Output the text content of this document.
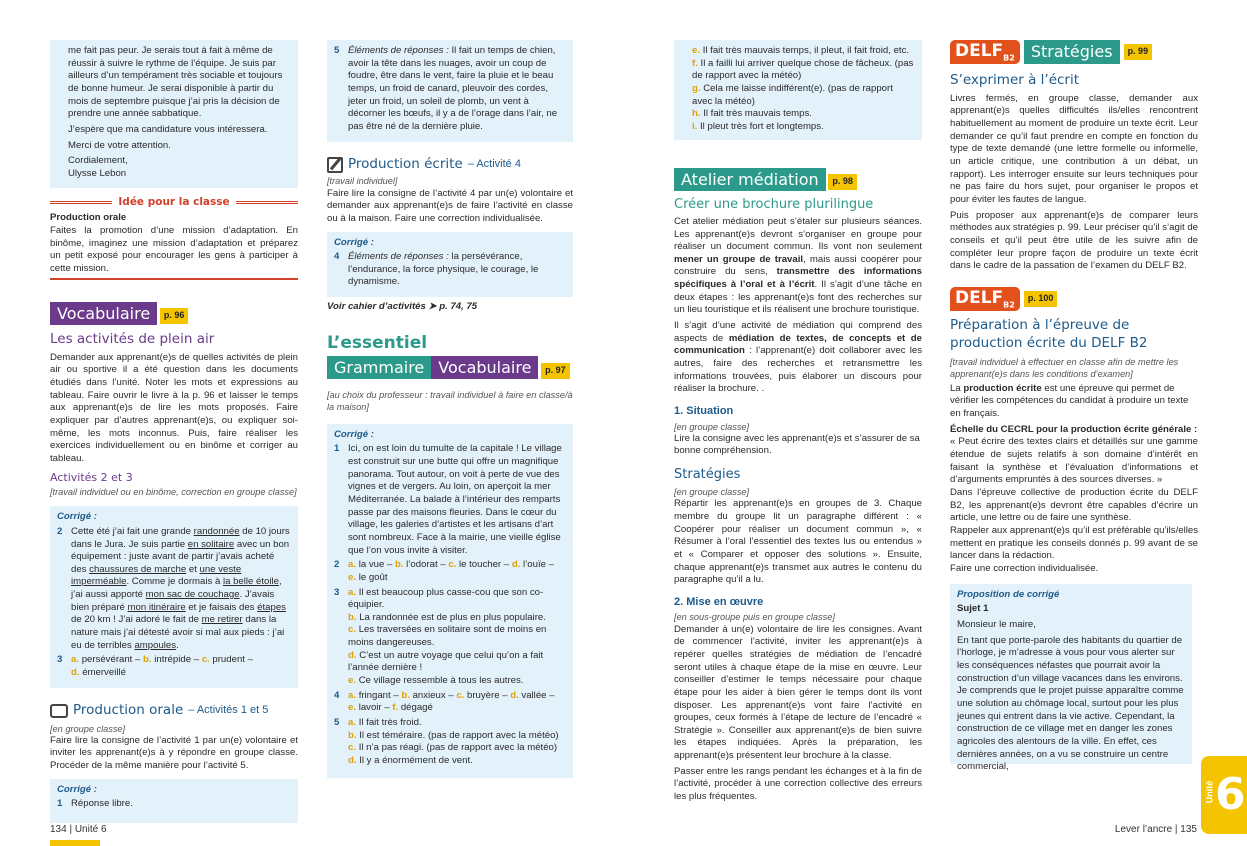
me fait pas peur. Je serais tout à fait à même de réussir à suivre le rythme de l’équipe. Je suis par ailleurs d’un tempérament très sociable et toujours de bonne humeur. Je serai disponible à partir du mois de septembre puisque j’ai pris la décision de prendre une année sabbatique.
J’espère que ma candidature vous intéressera.
Merci de votre attention.
Cordialement,
Ulysse Lebon
Idée pour la classe
Production orale
Faites la promotion d’une mission d’adaptation. En binôme, imaginez une mission d’adaptation et préparez un petit exposé pour encourager les gens à participer à cette mission.
Vocabulaire p. 96
Les activités de plein air
Demander aux apprenant(e)s de quelles activités de plein air ou sportive il a été question dans les documents étudiés dans l’unité. Noter les mots et expressions au tableau. Faire ouvrir le livre à la p. 96 et laisser le temps aux apprenant(e)s de lire les mots proposés. Faire expliquer par d’autres apprenant(e)s, ou expliquer soi-même, les mots inconnus. Puis, faire réaliser les exercices individuellement ou en binôme et corriger au tableau.
Activités 2 et 3
[travail individuel ou en binôme, correction en groupe classe]
Corrigé :
2 Cette été j’ai fait une grande randonnée de 10 jours dans le Jura. Je suis partie en solitaire avec un bon équipement : juste avant de partir j’avais acheté des chaussures de marche et une veste imperméable. Comme je dormais à la belle étoile, j’ai aussi apporté mon sac de couchage. J’avais bien préparé mon itinéraire et je faisais des étapes de 20 km ! J’ai adoré le fait de me retirer dans la nature mais j’ai détesté avoir si mal aux pieds : j’ai eu de terribles ampoules.
3 a. persévérant – b. intrépide – c. prudent –
d. émerveillé
Production orale – Activités 1 et 5
[en groupe classe]
Faire lire la consigne de l’activité 1 par un(e) volontaire et inviter les apprenant(e)s à y répondre en groupe classe. Procéder de la même manière pour l’activité 5.
Corrigé :
1 Réponse libre.
5 Éléments de réponses : Il fait un temps de chien, avoir la tête dans les nuages, avoir un coup de foudre, être dans le vent, faire la pluie et le beau temps, un froid de canard, pleuvoir des cordes, jeter un froid, un soleil de plomb, un vent à décorner les bœufs, il y a de l’orage dans l’air, ne pas être né de la dernière pluie.
Production écrite – Activité 4
[travail individuel]
Faire lire la consigne de l’activité 4 par un(e) volontaire et demander aux apprenant(e)s de faire l’activité en classe ou à la maison. Faire une correction individualisée.
Corrigé :
4 Éléments de réponses : la persévérance, l’endurance, la force physique, le courage, le dynamisme.
Voir cahier d’activités ➤ p. 74, 75
L’essentiel
Grammaire Vocabulaire p. 97
[au choix du professeur : travail individuel à faire en classe/à la maison]
Corrigé :
1 Ici, on est loin du tumulte de la capitale ! Le village est construit sur une butte qui offre un magnifique panorama. Tout autour, on voit à perte de vue des vignes et de vergers. Au loin, on aperçoit la mer Méditerranée. La balade à l’intérieur des remparts passe par des maisons fleuries. Dans le cœur du village, les galeries d’artistes et les artisans d’art sont nombreux. Face à la mairie, une vieille église que l’on vous invite à visiter.
2 a. la vue – b. l’odorat – c. le toucher – d. l’ouïe –
e. le goût
3 a. Il est beaucoup plus casse-cou que son co-équipier.
b. La randonnée est de plus en plus populaire.
c. Les traversées en solitaire sont de moins en moins dangereuses.
d. C’est un autre voyage que celui qu’on a fait l’année dernière !
e. Ce village ressemble à tous les autres.
4 a. fringant – b. anxieux – c. bruyère – d. vallée –
e. lavoir – f. dégagé
5 a. Il fait très froid.
b. Il est téméraire. (pas de rapport avec la météo)
c. Il n’a pas réagi. (pas de rapport avec la météo)
d. Il y a énormément de vent.
e. Il fait très mauvais temps, il pleut, il fait froid, etc.
f. Il a failli lui arriver quelque chose de fâcheux. (pas de rapport avec la météo)
g. Cela me laisse indifférent(e). (pas de rapport avec la météo)
h. Il fait très mauvais temps.
i. Il pleut très fort et longtemps.
Atelier médiation p. 98
Créer une brochure plurilingue
Cet atelier médiation peut s’étaler sur plusieurs séances. Les apprenant(e)s devront s’organiser en groupe pour réaliser un document commun. Ils vont non seulement mener un groupe de travail, mais aussi coopérer pour construire du sens, transmettre des informations spécifiques à l’oral et à l’écrit. Il s’agit d’une tâche en deux étapes : les apprenant(e)s font des recherches sur un lieu touristique et ils réalisent une brochure touristique.
Il s’agit d’une activité de médiation qui comprend des aspects de médiation de textes, de concepts et de communication : l’apprenant(e) doit collaborer avec les autres, faire des recherches et retransmettre les informations trouvées, puis élaborer un discours pour réaliser la brochure. .
1. Situation
[en groupe classe]
Lire la consigne avec les apprenant(e)s et s’assurer de sa bonne compréhension.
Stratégies
[en groupe classe]
Répartir les apprenant(e)s en groupes de 3. Chaque membre du groupe lit un paragraphe différent : « Coopérer pour réaliser un document commun », « Résumer à l’oral l’essentiel des textes lus ou entendus » et « Comparer et opposer des solutions ». Ensuite, chaque apprenant(e)s transmet aux autres le contenu du paragraphe qu’il a lu.
2. Mise en œuvre
[en sous-groupe puis en groupe classe]
Demander à un(e) volontaire de lire les consignes. Avant de commencer l’activité, inviter les apprenant(e)s à repérer quelles stratégies de médiation de l’encadré seront utiles à chaque étape de la mise en œuvre. Leur conseiller d’estimer le temps nécessaire pour chaque étape pour les aider à bien gérer le temps dont ils vont disposer. Les apprenant(e)s vont faire l’activité en groupes, ceux formés à l’étape de lecture de l’encadré « Stratégie ». Conseiller aux apprenant(e)s de bien suivre les étapes indiquées. Après la préparation, les apprenant(e)s présentent leur brochure à la classe.
Passer entre les rangs pendant les échanges et à la fin de l’activité, procéder à une correction collective des erreurs les plus fréquentes.
$DELF_{B2}$	Stratégies	p. 99
S’exprimer à l’écrit
Livres fermés, en groupe classe, demander aux apprenant(e)s quelles difficultés ils/elles rencontrent habituellement au moment de produire un texte écrit. Leur demander ce qu’il faut prendre en compte en fonction du type de texte demandé (une lettre formelle ou informelle, un article critique, une contribution à un débat, un rapport). Les interroger ensuite sur leurs techniques pour ne pas faire du hors sujet, pour organiser le propos et pour éviter les fautes de langue.
Puis proposer aux apprenant(e)s de comparer leurs méthodes aux stratégies p. 99. Leur préciser qu’il s’agit de conseils et qu’il peut être utile de les suivre afin de compléter leur propre façon de produire un texte écrit dans le cadre de la passation de l’examen du DELF B2.
$DELF_{B2}$
p. 100
Préparation à l’épreuve de production écrite du DELF B2
[travail individuel à effectuer en classe afin de mettre les apprenant(e)s dans les conditions d’examen]
La production écrite est une épreuve qui permet de vérifier les compétences du candidat à produire un texte en français.
Échelle du CECRL pour la production écrite générale :
« Peut écrire des textes clairs et détaillés sur une gamme étendue de sujets relatifs à son domaine d’intérêt en faisant la synthèse et l’évaluation d’informations et d’arguments empruntés à des sources diverses. »
Dans l’épreuve collective de production écrite du DELF B2, les apprenant(e)s devront être capables d’écrire un article, une lettre ou de faire une synthèse.
Rappeler aux apprenant(e)s qu’il est préférable qu’ils/elles mettent en pratique les conseils donnés p. 99 avant de se lancer dans la rédaction.
Faire une correction individualisée.
Proposition de corrigé
Sujet 1
Monsieur le maire,
En tant que porte-parole des habitants du quartier de l’horloge, je m’adresse à vous pour vous alerter sur les conséquences néfastes que pourrait avoir la construction d’un village vacances dans les environs. Je comprends que le projet puisse apparaître comme une solution au chômage local, surtout pour les plus jeunes qui entrent dans la vie active. Cependant, la construction de ce village met en danger les zones agricoles des alentours de la ville. En effet, ces dernières années, on a vu se construire un centre commercial,
Unité 6
134 | Unité 6	Lever l’ancre | 135
